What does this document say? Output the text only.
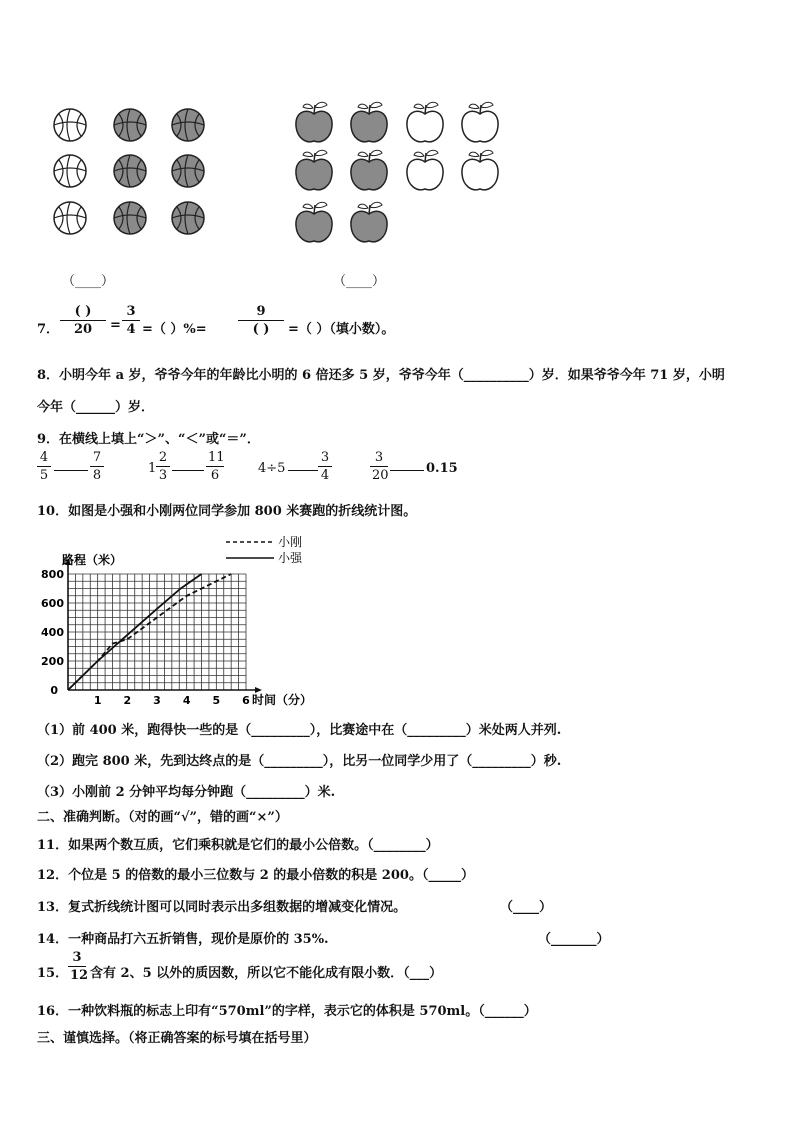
（____）	（____）
7．
( )
20	=
3
4 =（ ）%=
9
( )	=（ ）（填小数）。
8．小明今年 a 岁，爷爷今年的年龄比小明的 6 倍还多 5 岁，爷爷今年（__________）岁．如果爷爷今年 71 岁，小明
今年（______）岁．
9．在横线上填上“＞”、“＜”或“＝”．
4
5
7
8	1
2
3
11
6	4÷5
3
4
3
20	0.15
10．如图是小强和小刚两位同学参加 800 米赛跑的折线统计图。
路程（米）
200
400
600
800
0
1 2 3 4 5 6 时间（分）
小刚
小强
（1）前 400 米，跑得快一些的是（_________），比赛途中在（_________）米处两人并列.
（2）跑完 800 米，先到达终点的是（_________），比另一位同学少用了（_________）秒.
（3）小刚前 2 分钟平均每分钟跑（_________）米.
二、准确判断。（对的画“√”，错的画“×”）
11．如果两个数互质，它们乘积就是它们的最小公倍数。（________）
12．个位是 5 的倍数的最小三位数与 2 的最小倍数的积是 200。（_____）
13．复式折线统计图可以同时表示出多组数据的增减变化情况。	（____）
14．一种商品打六五折销售，现价是原价的 35%.	（_______）
15．
3
12 含有 2、5 以外的质因数，所以它不能化成有限小数．（___）
16．一种饮料瓶的标志上印有“570ml”的字样，表示它的体积是 570ml。（______）
三、谨慎选择。（将正确答案的标号填在括号里）
